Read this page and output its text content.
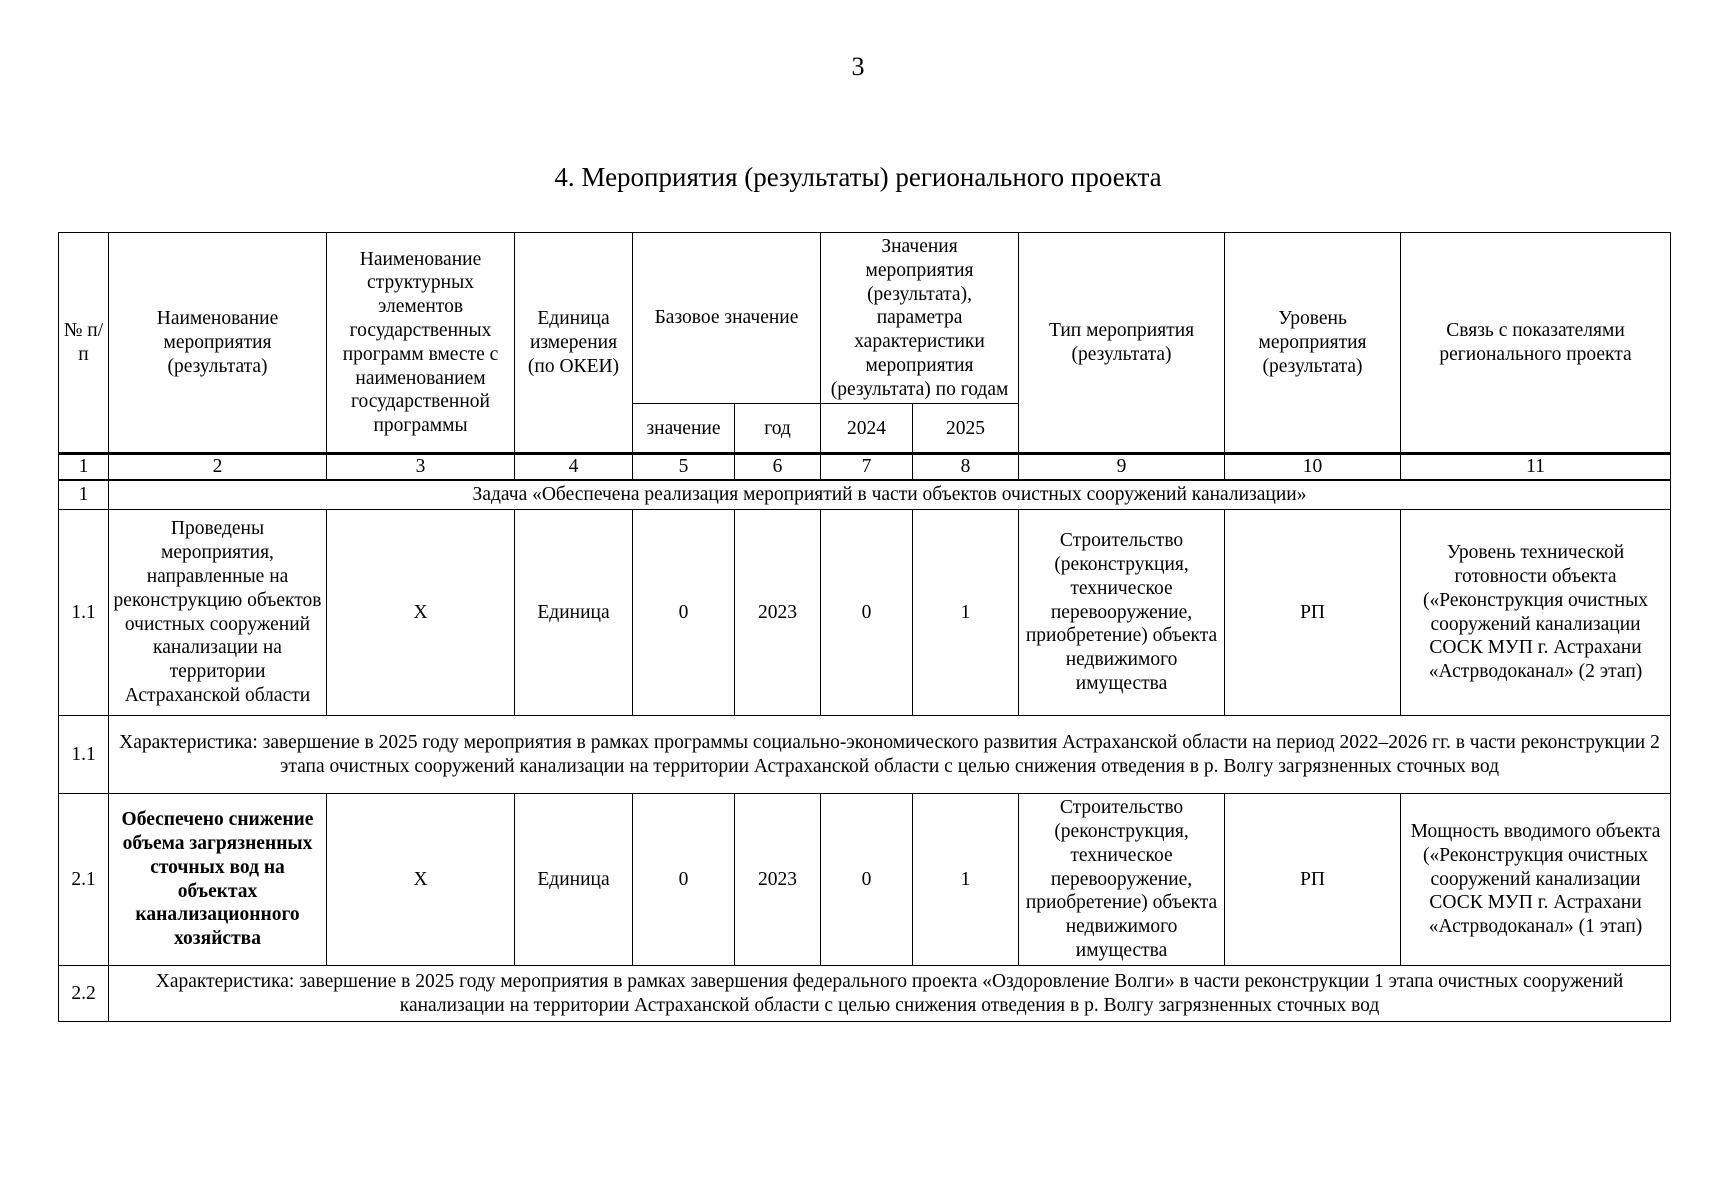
3
4. Мероприятия (результаты) регионального проекта
№ п/п	Наименование мероприятия (результата)	Наименование структурных элементов государственных программ вместе с наименованием государственной программы	Единица измерения (по ОКЕИ)	Базовое значение		Значения мероприятия (результата), параметра характеристики мероприятия (результата) по годам		Тип мероприятия (результата)	Уровень мероприятия (результата)	Связь с показателями регионального проекта
				значение	год	2024	2025			
1	2	3	4	5	6	7	8	9	10	11
1	Задача «Обеспечена реализация мероприятий в части объектов очистных сооружений канализации»									
1.1	Проведены мероприятия, направленные на реконструкцию объектов очистных сооружений канализации на территории Астраханской области	X	Единица	0	2023	0	1	Строительство (реконструкция, техническое перевооружение, приобретение) объекта недвижимого имущества	РП	Уровень технической готовности объекта («Реконструкция очистных сооружений канализации СОСК МУП г. Астрахани «Астрводоканал» (2 этап)
1.1	Характеристика: завершение в 2025 году мероприятия в рамках программы социально-экономического развития Астраханской области на период 2022–2026 гг. в части реконструкции 2 этапа очистных сооружений канализации на территории Астраханской области с целью снижения отведения в р. Волгу загрязненных сточных вод									
2.1	Обеспечено снижение объема загрязненных сточных вод на объектах канализационного хозяйства	X	Единица	0	2023	0	1	Строительство (реконструкция, техническое перевооружение, приобретение) объекта недвижимого имущества	РП	Мощность вводимого объекта («Реконструкция очистных сооружений канализации СОСК МУП г. Астрахани «Астрводоканал» (1 этап)
2.2	Характеристика: завершение в 2025 году мероприятия в рамках завершения федерального проекта «Оздоровление Волги» в части реконструкции 1 этапа очистных сооружений канализации на территории Астраханской области с целью снижения отведения в р. Волгу загрязненных сточных вод									
